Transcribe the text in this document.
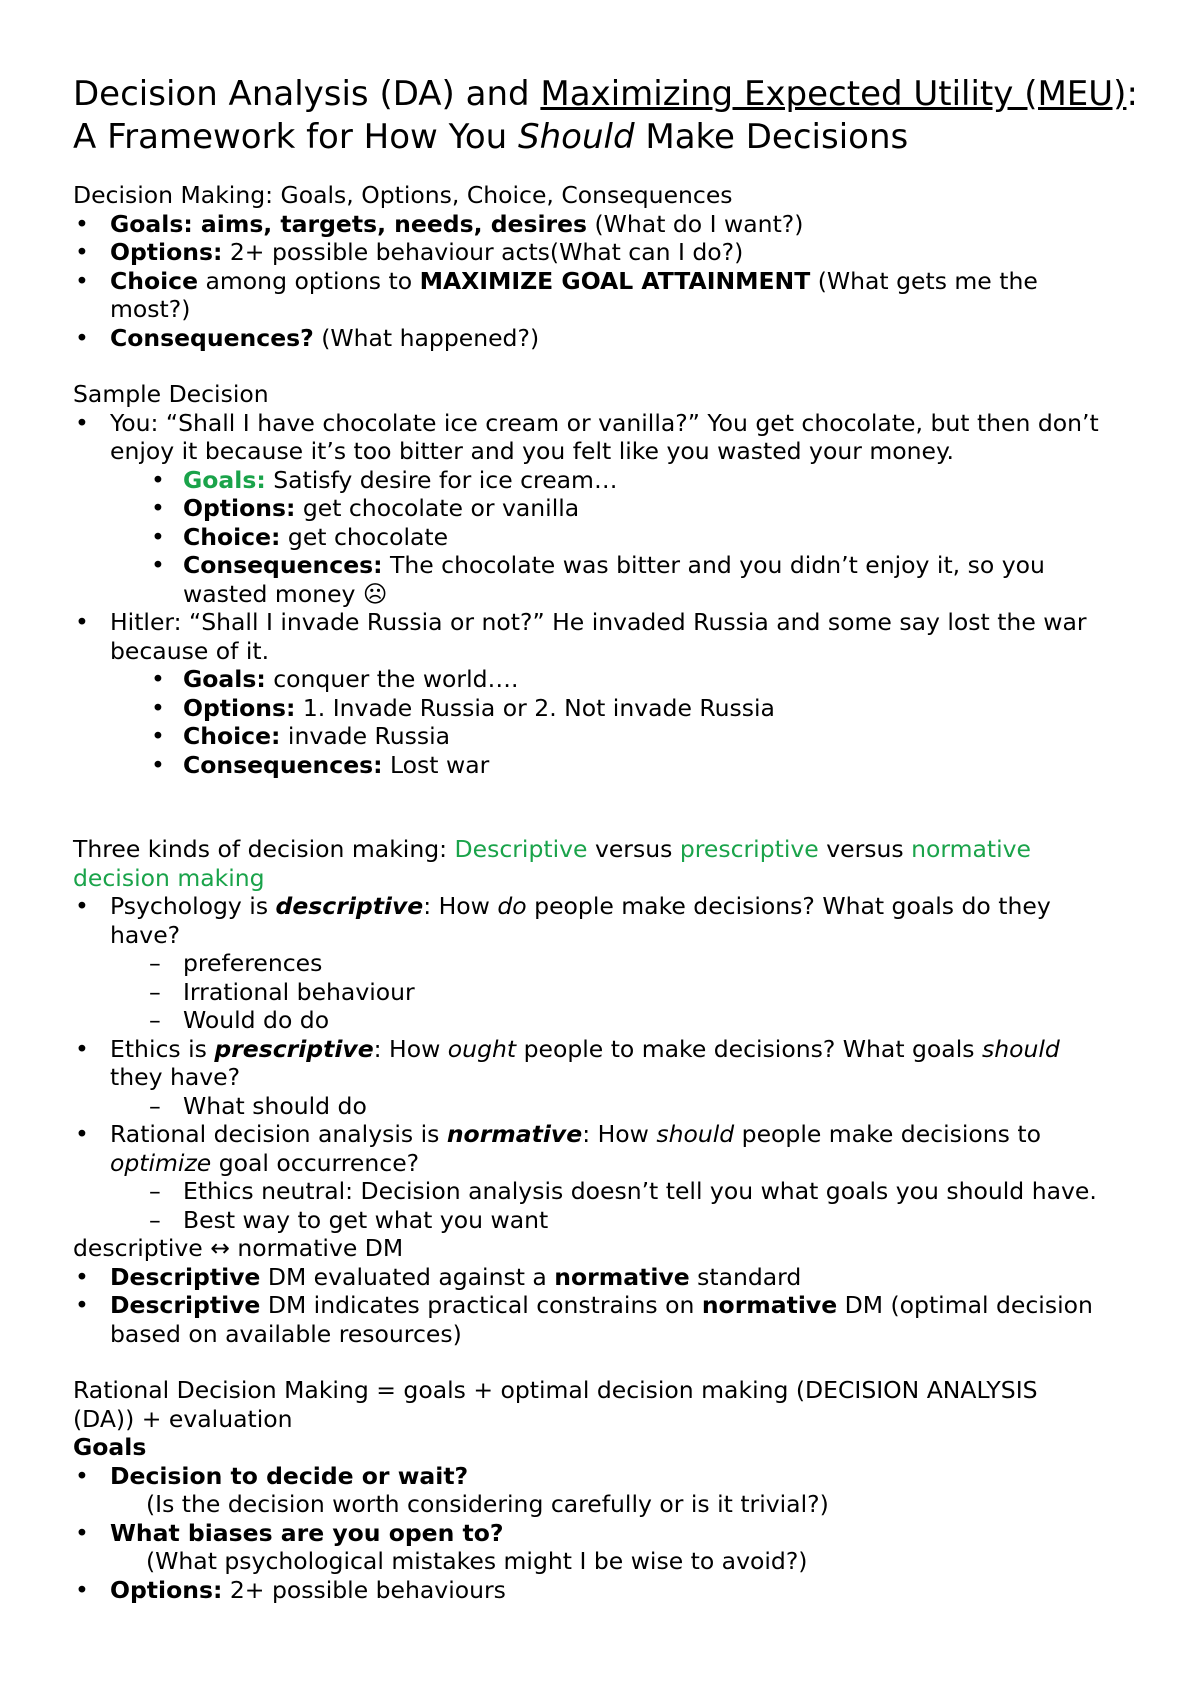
Decision Analysis (DA) and Maximizing Expected Utility (MEU): A Framework for How You Should Make Decisions

Decision Making: Goals, Options, Choice, Consequences

• Goals: aims, targets, needs, desires (What do I want?)
• Options: 2+ possible behaviour acts(What can I do?)
• Choice among options to MAXIMIZE GOAL ATTAINMENT (What gets me the
most?)
• Consequences? (What happened?)

Sample Decision

• You: “Shall I have chocolate ice cream or vanilla?” You get chocolate, but then don’t
enjoy it because it’s too bitter and you felt like you wasted your money.
• Goals: Satisfy desire for ice cream…
• Options: get chocolate or vanilla
• Choice: get chocolate
• Consequences: The chocolate was bitter and you didn’t enjoy it, so you
wasted money ☹
• Hitler: “Shall I invade Russia or not?” He invaded Russia and some say lost the war
because of it.
• Goals: conquer the world….
• Options: 1. Invade Russia or 2. Not invade Russia
• Choice: invade Russia
• Consequences: Lost war

Three kinds of decision making: Descriptive versus prescriptive versus normative

decision making

• Psychology is descriptive: How do people make decisions? What goals do they
have?
– preferences
– Irrational behaviour
– Would do do
• Ethics is prescriptive: How ought people to make decisions? What goals should
they have?
– What should do
• Rational decision analysis is normative: How should people make decisions to
optimize goal occurrence?
– Ethics neutral: Decision analysis doesn’t tell you what goals you should have.
– Best way to get what you want

descriptive ↔ normative DM

• Descriptive DM evaluated against a normative standard
• Descriptive DM indicates practical constrains on normative DM (optimal decision
based on available resources)

Rational Decision Making = goals + optimal decision making (DECISION ANALYSIS

(DA)) + evaluation

Goals

• Decision to decide or wait?
(Is the decision worth considering carefully or is it trivial?)
• What biases are you open to?
(What psychological mistakes might I be wise to avoid?)
• Options: 2+ possible behaviours
